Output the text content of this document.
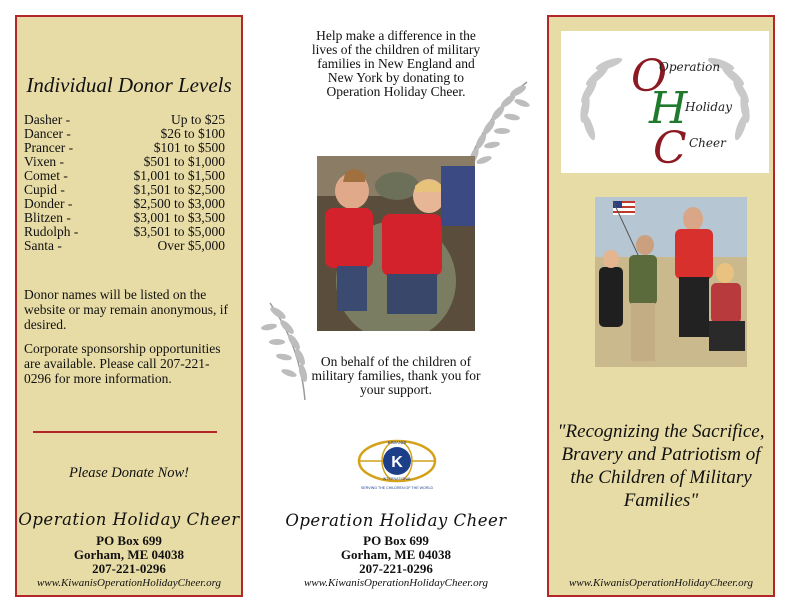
Individual Donor Levels
Dasher -	Up to $25
Dancer -	$26 to $100
Prancer -	$101 to $500
Vixen -	$501 to $1,000
Comet -	$1,001 to $1,500
Cupid -	$1,501 to $2,500
Donder -	$2,500 to $3,000
Blitzen -	$3,001 to $3,500
Rudolph -	$3,501 to $5,000
Santa -	Over $5,000
Donor names will be listed on the website or may remain anonymous, if desired.
Corporate sponsorship opportunities are available. Please call 207-221-0296 for more information.
Please Donate Now!
Operation Holiday Cheer
PO Box 699
Gorham, ME 04038
207-221-0296
www.KiwanisOperationHolidayCheer.org
Help make a difference in the lives of the children of military families in New England and New York by donating to Operation Holiday Cheer.
On behalf of the children of military families, thank you for your support.
K
KIWANIS
INTERNATIONAL
SERVING THE CHILDREN OF THE WORLD
Operation Holiday Cheer
PO Box 699
Gorham, ME 04038
207-221-0296
www.KiwanisOperationHolidayCheer.org
O
Operation
H
Holiday
C Cheer
"Recognizing the Sacrifice, Bravery and Patriotism of the Children of Military Families"
www.KiwanisOperationHolidayCheer.org
